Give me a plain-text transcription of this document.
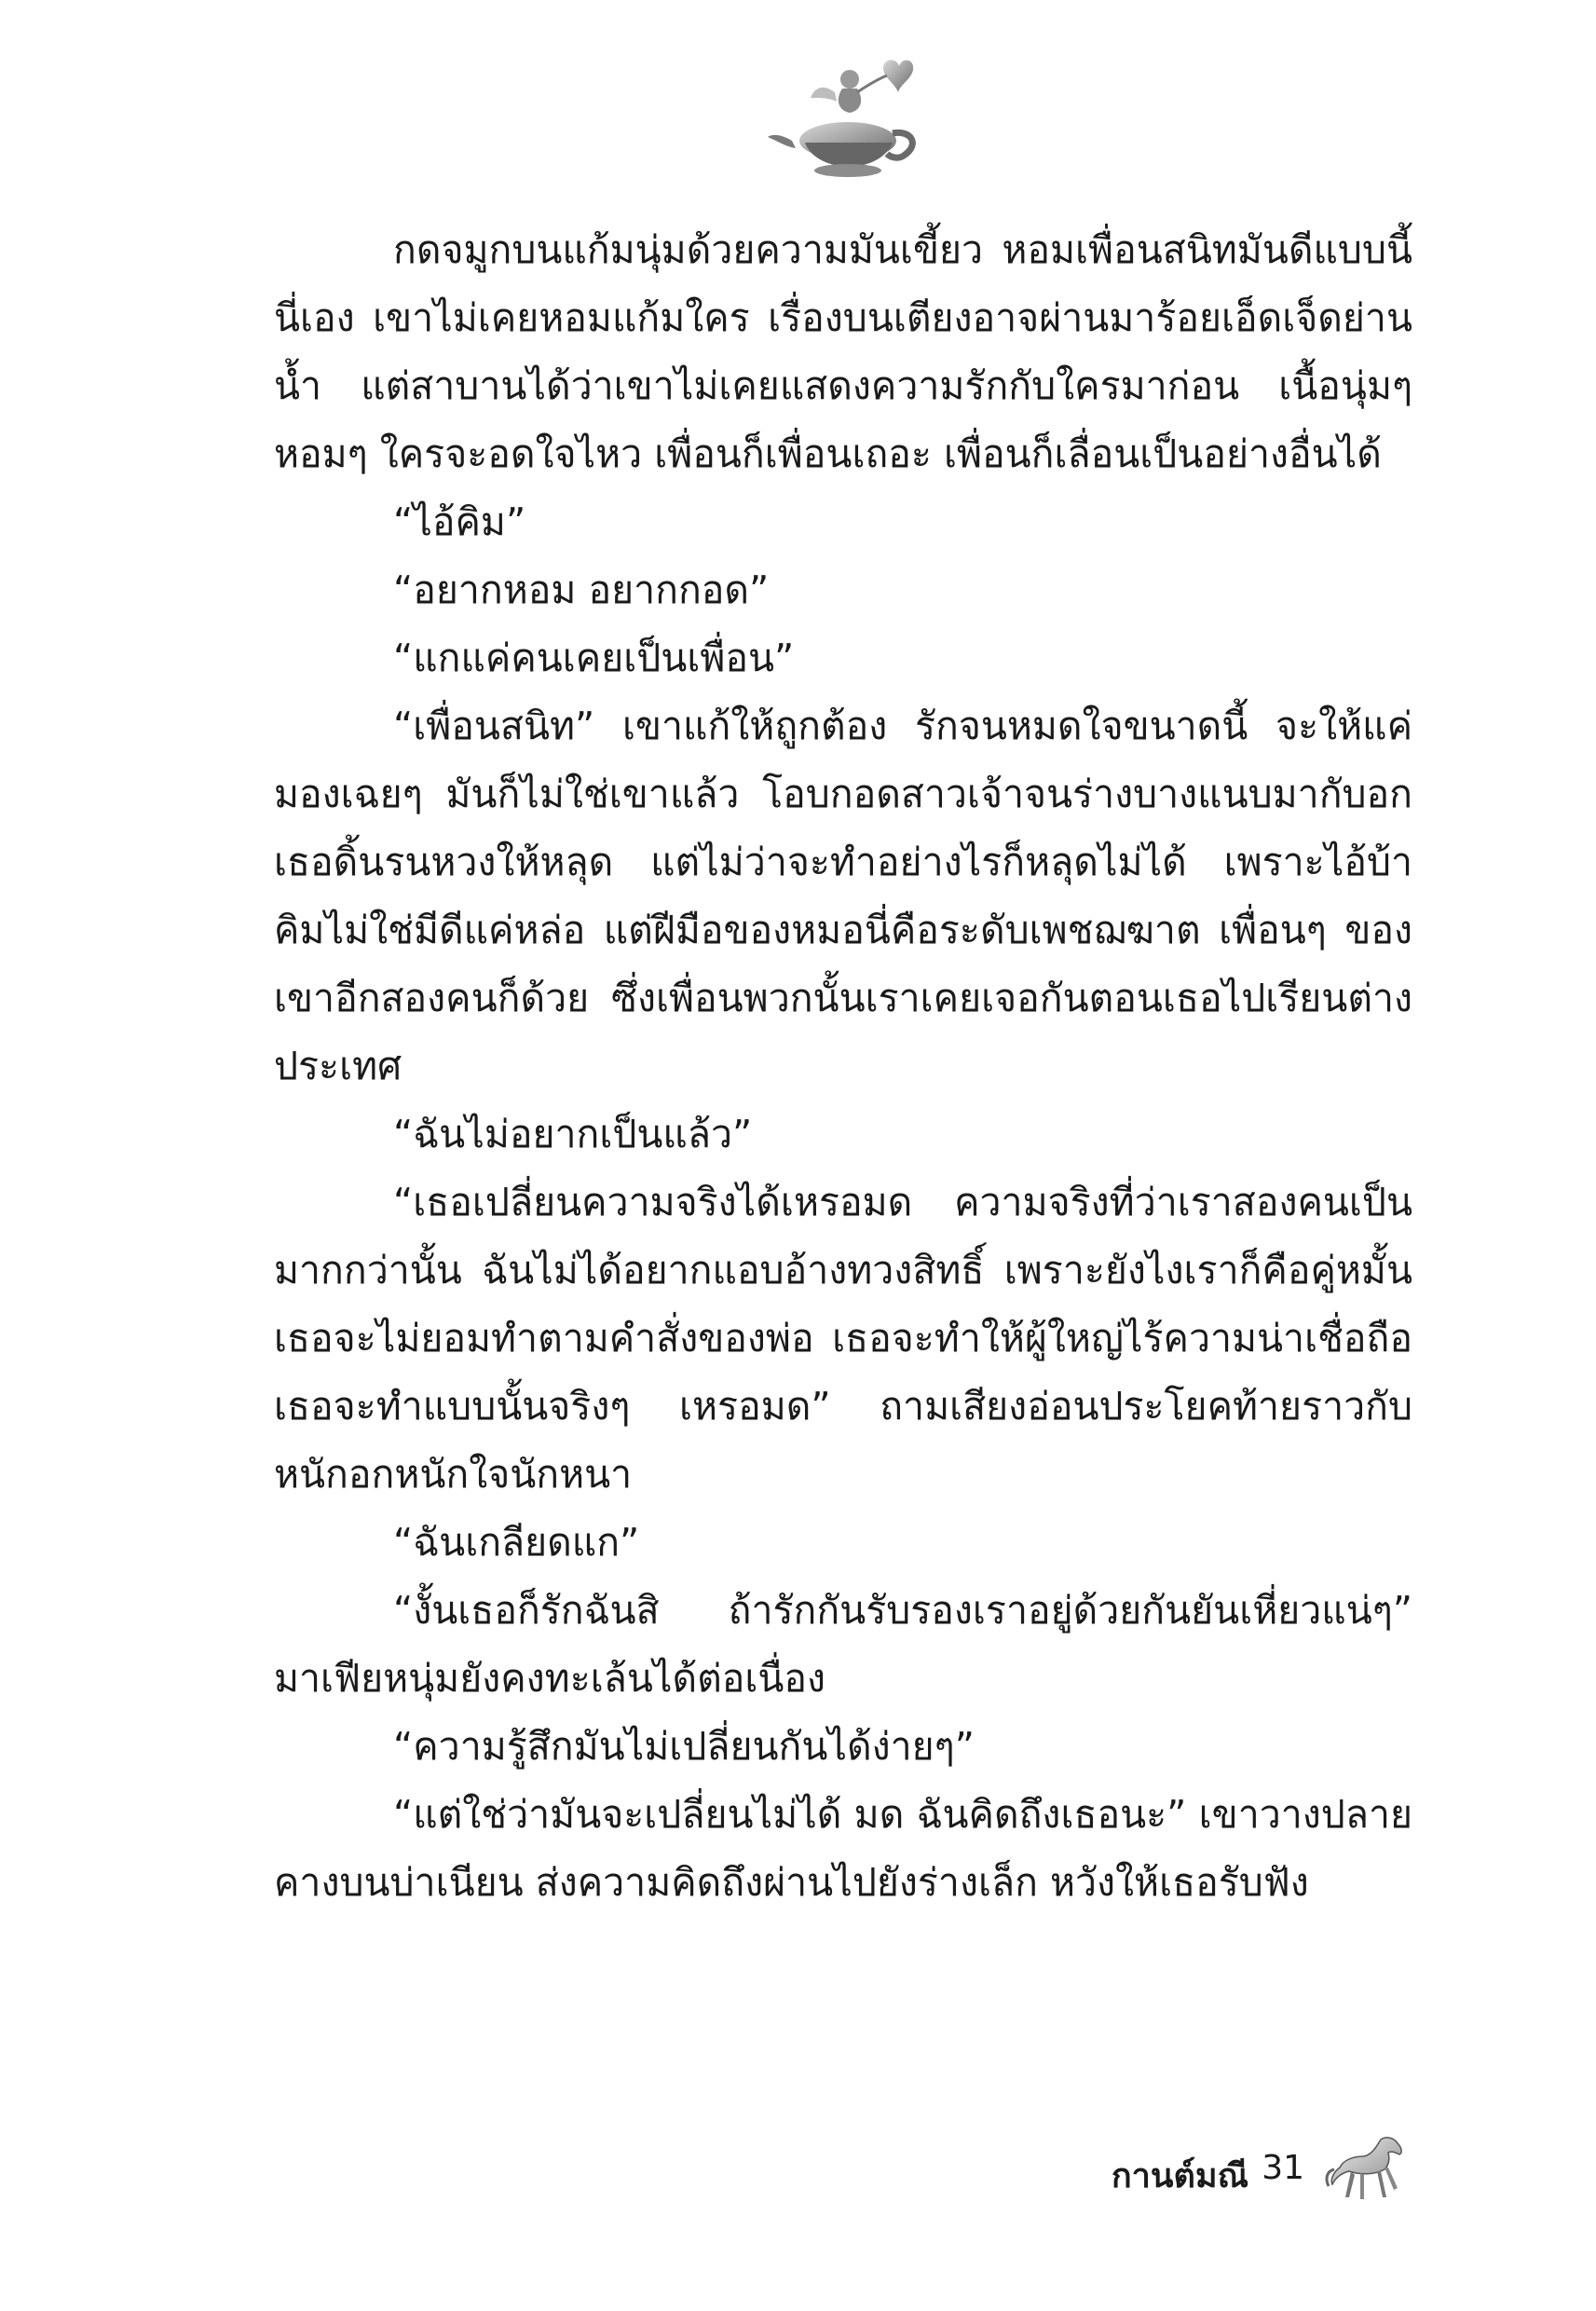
กดจมูกบนแก้มนุ่มด้วยความมันเขี้ยว หอมเพื่อนสนิทมันดีแบบนี้นี่เอง เขาไม่เคยหอมแก้มใคร เรื่องบนเตียงอาจผ่านมาร้อยเอ็ดเจ็ดย่านน้ำ แต่สาบานได้ว่าเขาไม่เคยแสดงความรักกับใครมาก่อน เนื้อนุ่มๆ หอมๆ ใครจะอดใจไหว เพื่อนก็เพื่อนเถอะ เพื่อนก็เลื่อนเป็นอย่างอื่นได้

“ไอ้คิม”

“อยากหอม อยากกอด”

“แกแค่คนเคยเป็นเพื่อน”

“เพื่อนสนิท” เขาแก้ให้ถูกต้อง รักจนหมดใจขนาดนี้ จะให้แค่มองเฉยๆ มันก็ไม่ใช่เขาแล้ว โอบกอดสาวเจ้าจนร่างบางแนบมากับอก เธอดิ้นรนหวงให้หลุด แต่ไม่ว่าจะทำอย่างไรก็หลุดไม่ได้ เพราะไอ้บ้าคิมไม่ใช่มีดีแค่หล่อ แต่ฝีมือของหมอนี่คือระดับเพชฌฆาต เพื่อนๆ ของเขาอีกสองคนก็ด้วย ซึ่งเพื่อนพวกนั้นเราเคยเจอกันตอนเธอไปเรียนต่างประเทศ

“ฉันไม่อยากเป็นแล้ว”

“เธอเปลี่ยนความจริงได้เหรอมด ความจริงที่ว่าเราสองคนเป็นมากกว่านั้น ฉันไม่ได้อยากแอบอ้างทวงสิทธิ์ เพราะยังไงเราก็คือคู่หมั้น เธอจะไม่ยอมทำตามคำสั่งของพ่อ เธอจะทำให้ผู้ใหญ่ไร้ความน่าเชื่อถือ เธอจะทำแบบนั้นจริงๆ เหรอมด” ถามเสียงอ่อนประโยคท้ายราวกับหนักอกหนักใจนักหนา

“ฉันเกลียดแก”

“งั้นเธอก็รักฉันสิ ถ้ารักกันรับรองเราอยู่ด้วยกันยันเหี่ยวแน่ๆ” มาเฟียหนุ่มยังคงทะเล้นได้ต่อเนื่อง

“ความรู้สึกมันไม่เปลี่ยนกันได้ง่ายๆ”

“แต่ใช่ว่ามันจะเปลี่ยนไม่ได้ มด ฉันคิดถึงเธอนะ” เขาวางปลายคางบนบ่าเนียน ส่งความคิดถึงผ่านไปยังร่างเล็ก หวังให้เธอรับฟัง

กานต์มณี 31
